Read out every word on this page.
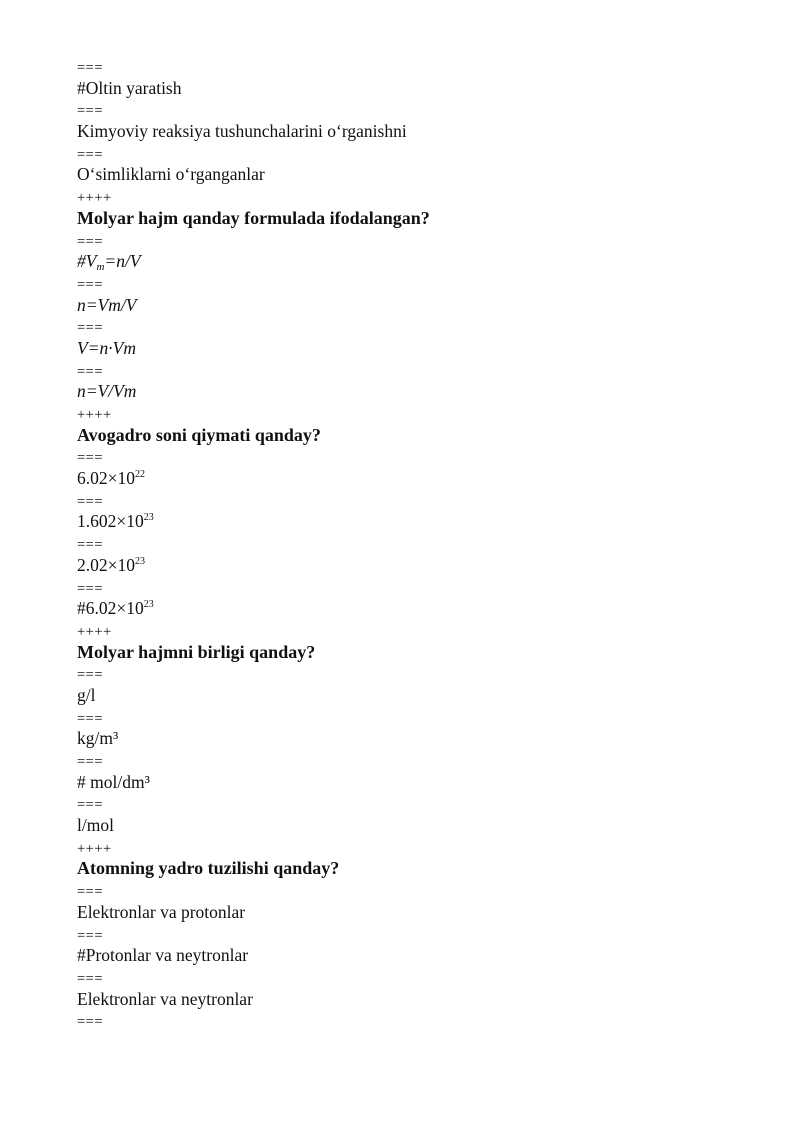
===
#Oltin yaratish
===
Kimyoviy reaksiya tushunchalarini o‘rganishni
===
O‘simliklarni o‘rganganlar
++++
Molyar hajm qanday formulada ifodalangan?
===
$\#V_m=n/V$
===
n=Vm/V
===
V=n·Vm
===
n=V/Vm
++++
Avogadro soni qiymati qanday?
===
$6.02\times 10^{22}$
===
$1.602\times 10^{23}$
===
$2.02\times 10^{23}$
===
$\#6.02\times 10^{23}$
++++
Molyar hajmni birligi qanday?
===
g/l
===
kg/m³
===
# mol/dm³
===
l/mol
++++
Atomning yadro tuzilishi qanday?
===
Elektronlar va protonlar
===
#Protonlar va neytronlar
===
Elektronlar va neytronlar
===
